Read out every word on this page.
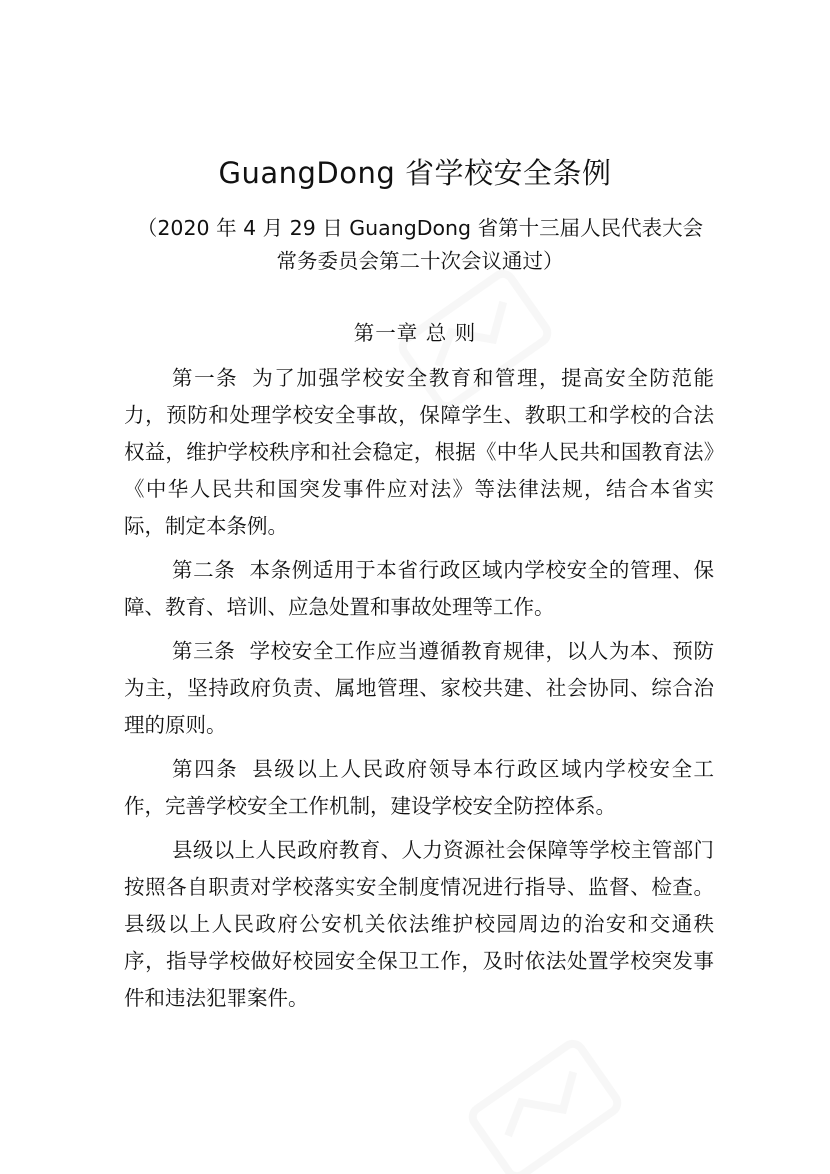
GuangDong 省学校安全条例
（2020 年 4 月 29 日 GuangDong 省第十三届人民代表大会常务委员会第二十次会议通过）
第一章 总 则

第一条 为了加强学校安全教育和管理，提高安全防范能力，预防和处理学校安全事故，保障学生、教职工和学校的合法权益，维护学校秩序和社会稳定，根据《中华人民共和国教育法》《中华人民共和国突发事件应对法》等法律法规，结合本省实际，制定本条例。

第二条 本条例适用于本省行政区域内学校安全的管理、保障、教育、培训、应急处置和事故处理等工作。

第三条 学校安全工作应当遵循教育规律，以人为本、预防为主，坚持政府负责、属地管理、家校共建、社会协同、综合治理的原则。

第四条 县级以上人民政府领导本行政区域内学校安全工作，完善学校安全工作机制，建设学校安全防控体系。

县级以上人民政府教育、人力资源社会保障等学校主管部门按照各自职责对学校落实安全制度情况进行指导、监督、检查。县级以上人民政府公安机关依法维护校园周边的治安和交通秩序，指导学校做好校园安全保卫工作，及时依法处置学校突发事件和违法犯罪案件。
